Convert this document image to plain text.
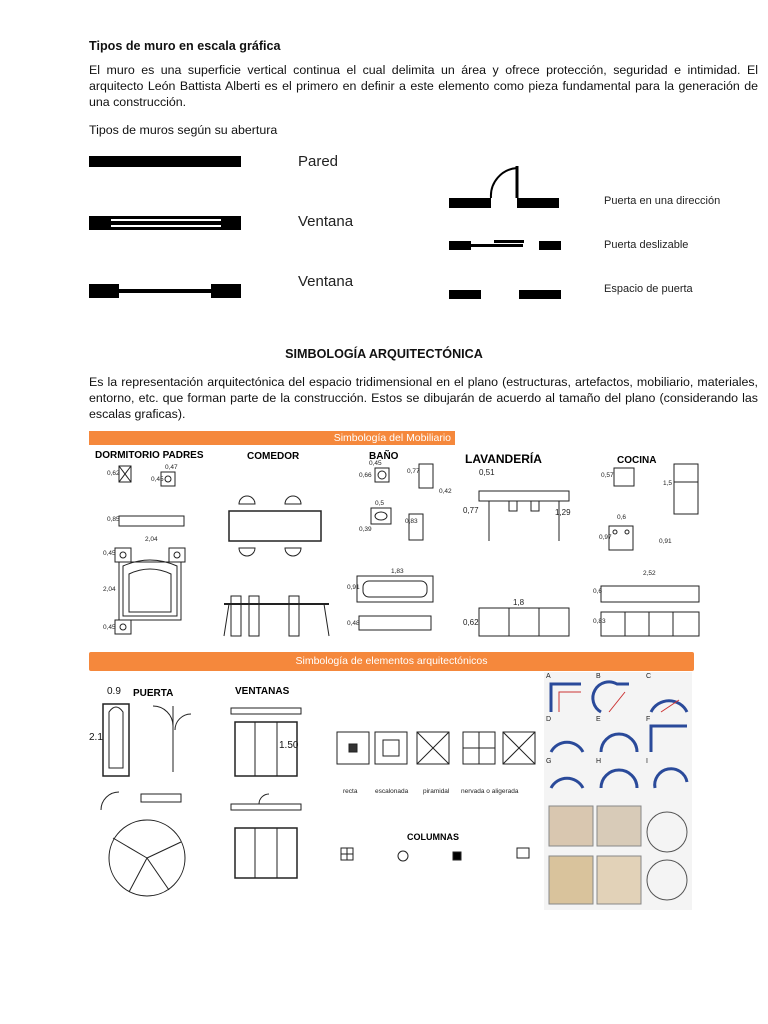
Tipos de muro en escala gráfica

El muro es una superficie vertical continua el cual delimita un área y ofrece protección, seguridad e intimidad. El arquitecto León Battista Alberti es el primero en definir a este elemento como pieza fundamental para la generación de una construcción.

Tipos de muros según su abertura

Pared
Ventana
Ventana
Puerta en una dirección
Puerta deslizable
Espacio de puerta
SIMBOLOGÍA ARQUITECTÓNICA

Es la representación arquitectónica del espacio tridimensional en el plano (estructuras, artefactos, mobiliario, materiales, entorno, etc. que forman parte de la construcción. Estos se dibujarán de acuerdo al tamaño del plano (considerando las escalas graficas).

Simbología del Mobiliario
DORMITORIO PADRES	COMEDOR	BAÑO	LAVANDERÍA	COCINA
0,62
0,47
0,45
0,85
2,04
0,45
2,04
0,45
0,45
0,66
0,77
0,42
0,5
0,39
0,83
1,83
0,91
0,48
0,77
0,51
1,29
1,8
0,62
0,57
1,5
0,6
0,97
0,91
2,52
0,6
0,83
Simbología de elementos arquitectónicos
0.9 PUERTA
2.1
VENTANAS
1.50
COLUMNAS
recta	escalonada piramidal nervada o aligerada
A	B	C
D	E	F
G	H	I
